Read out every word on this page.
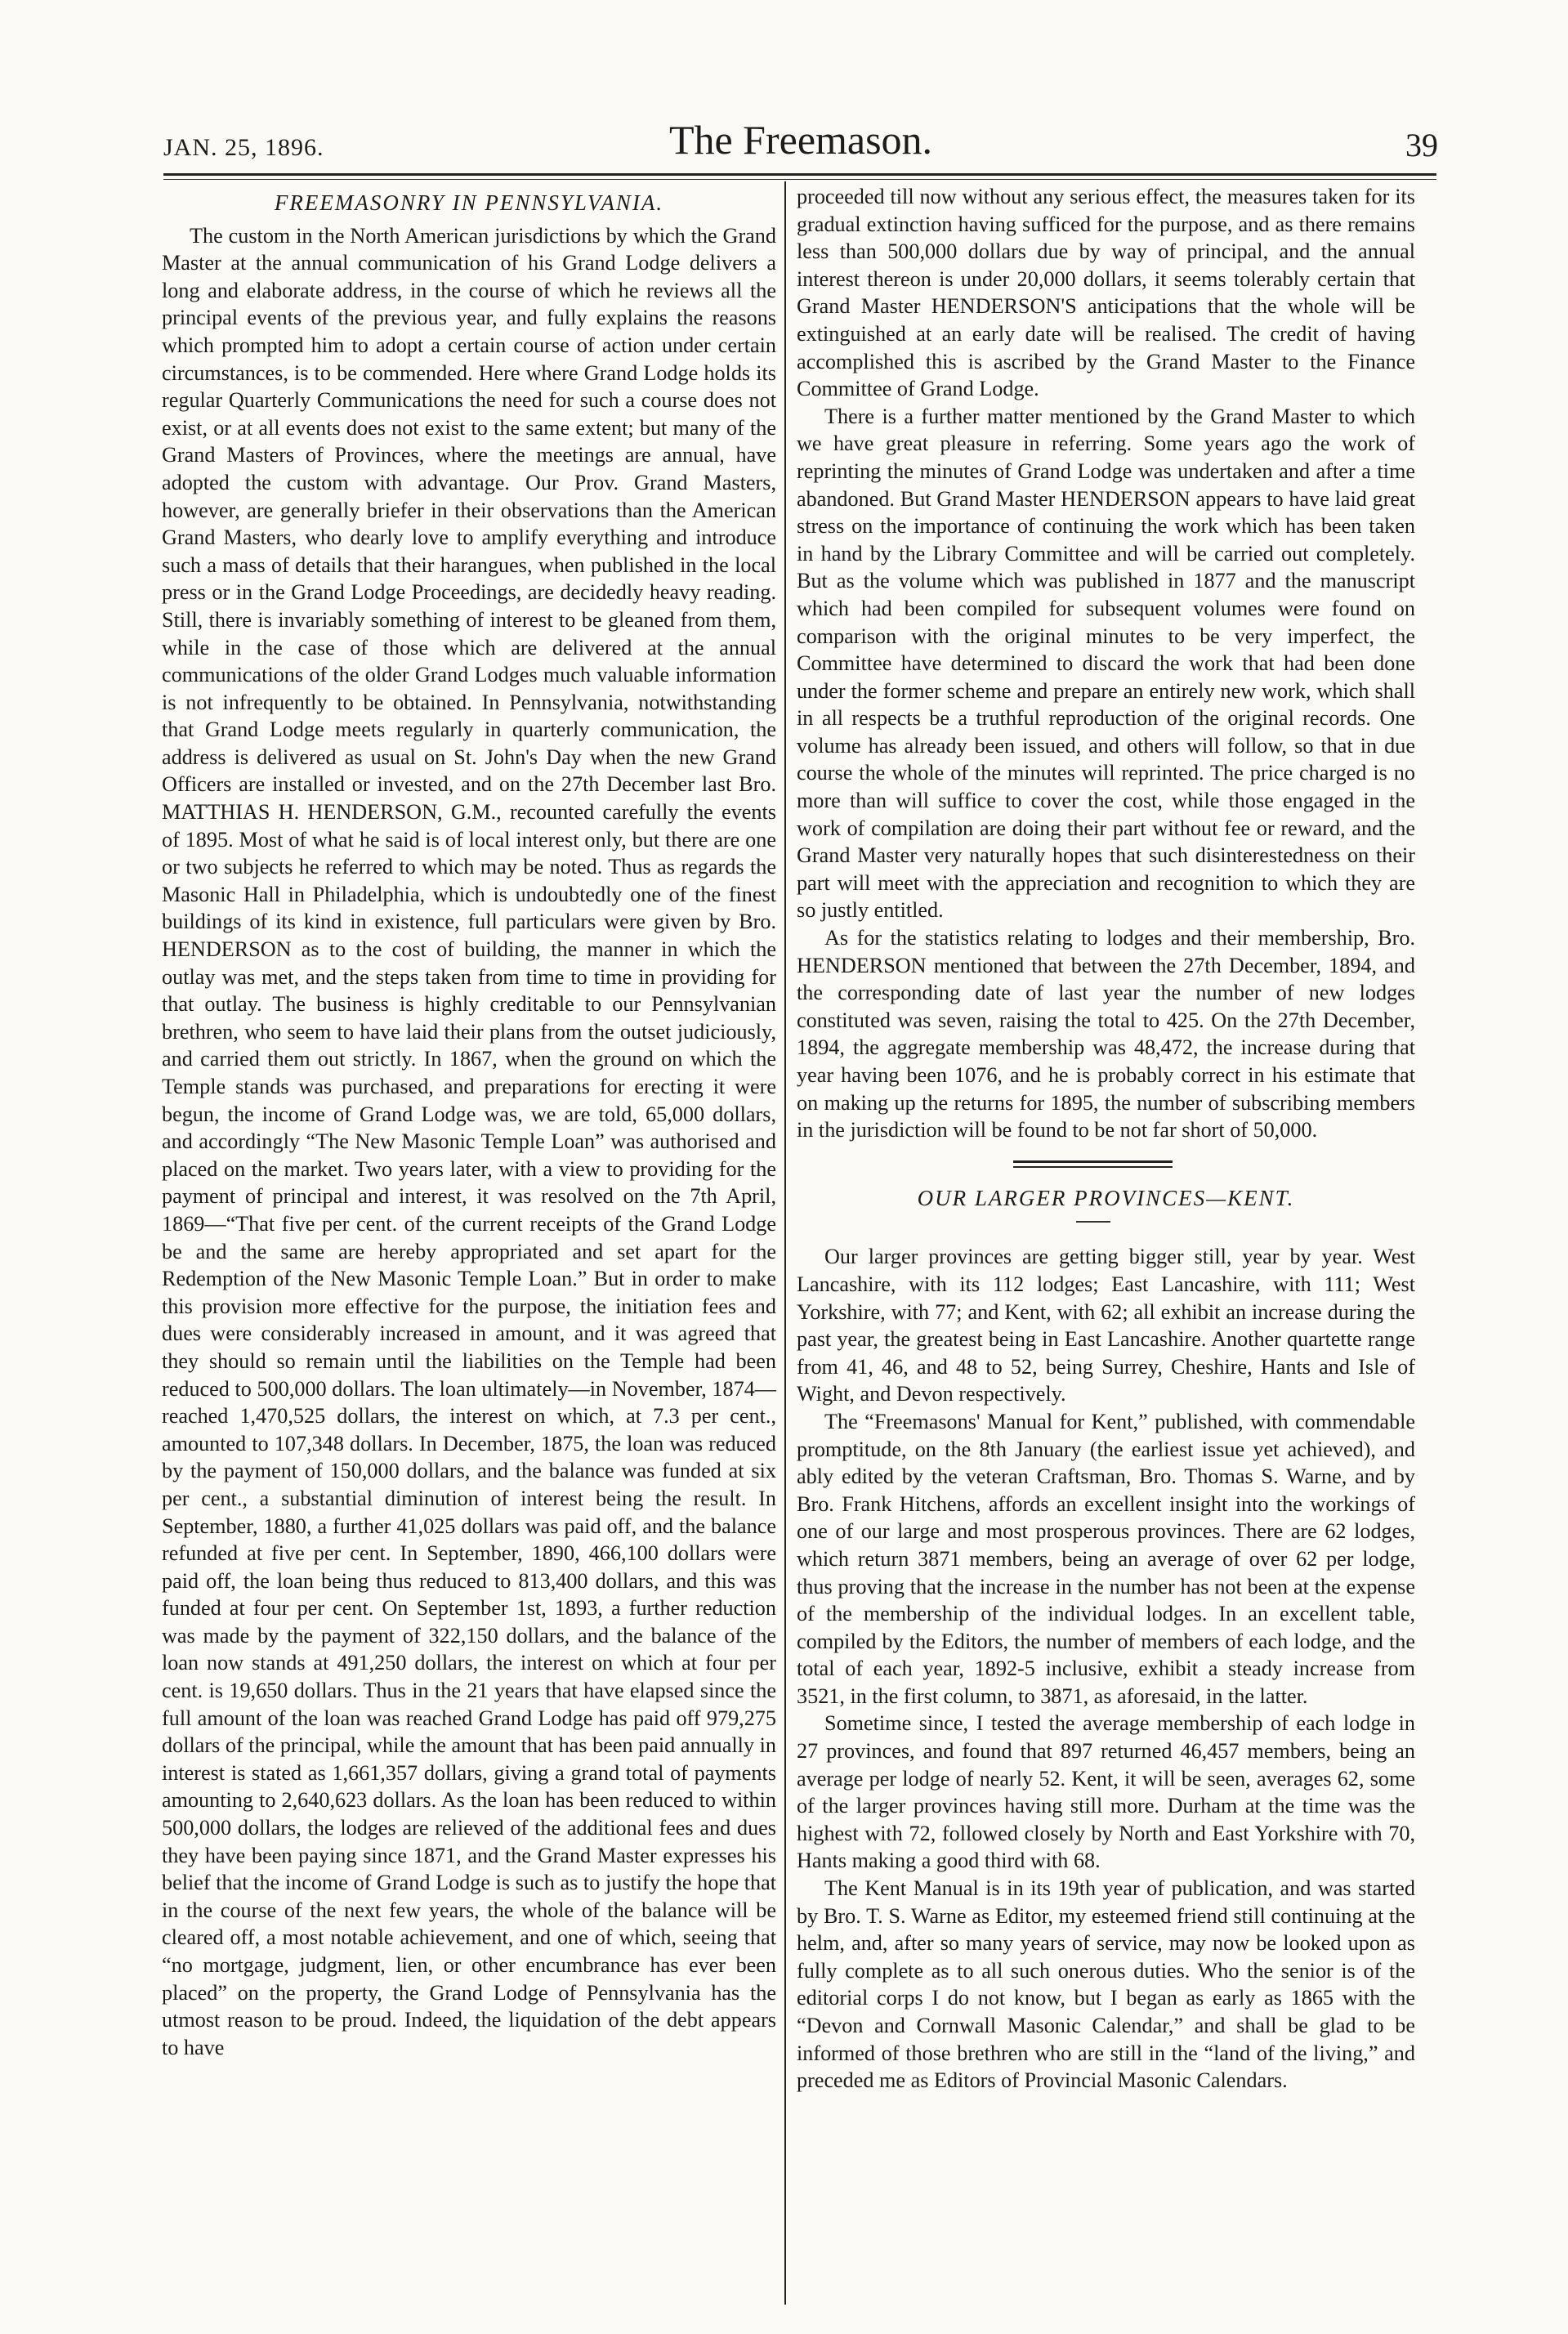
JAN. 25, 1896.	The Freemason.	39
FREEMASONRY IN PENNSYLVANIA.

The custom in the North American jurisdictions by which the Grand Master at the annual communication of his Grand Lodge delivers a long and elaborate address, in the course of which he reviews all the principal events of the previous year, and fully explains the reasons which prompted him to adopt a certain course of action under certain circumstances, is to be commended. Here where Grand Lodge holds its regular Quarterly Communications the need for such a course does not exist, or at all events does not exist to the same extent; but many of the Grand Masters of Provinces, where the meetings are annual, have adopted the custom with advantage. Our Prov. Grand Masters, however, are generally briefer in their observations than the American Grand Masters, who dearly love to amplify everything and introduce such a mass of details that their harangues, when published in the local press or in the Grand Lodge Proceedings, are decidedly heavy reading. Still, there is invariably something of interest to be gleaned from them, while in the case of those which are delivered at the annual communications of the older Grand Lodges much valuable information is not infrequently to be obtained. In Pennsylvania, notwithstanding that Grand Lodge meets regularly in quarterly communication, the address is delivered as usual on St. John's Day when the new Grand Officers are installed or invested, and on the 27th December last Bro. MATTHIAS H. HENDERSON, G.M., recounted carefully the events of 1895. Most of what he said is of local interest only, but there are one or two subjects he referred to which may be noted. Thus as regards the Masonic Hall in Philadelphia, which is undoubtedly one of the finest buildings of its kind in existence, full particulars were given by Bro. HENDERSON as to the cost of building, the manner in which the outlay was met, and the steps taken from time to time in providing for that outlay. The business is highly creditable to our Pennsylvanian brethren, who seem to have laid their plans from the outset judiciously, and carried them out strictly. In 1867, when the ground on which the Temple stands was purchased, and preparations for erecting it were begun, the income of Grand Lodge was, we are told, 65,000 dollars, and accordingly “The New Masonic Temple Loan” was authorised and placed on the market. Two years later, with a view to providing for the payment of principal and interest, it was resolved on the 7th April, 1869—“That five per cent. of the current receipts of the Grand Lodge be and the same are hereby appropriated and set apart for the Redemption of the New Masonic Temple Loan.” But in order to make this provision more effective for the purpose, the initiation fees and dues were considerably increased in amount, and it was agreed that they should so remain until the liabilities on the Temple had been reduced to 500,000 dollars. The loan ultimately—in November, 1874—reached 1,470,525 dollars, the interest on which, at 7.3 per cent., amounted to 107,348 dollars. In December, 1875, the loan was reduced by the payment of 150,000 dollars, and the balance was funded at six per cent., a substantial diminution of interest being the result. In September, 1880, a further 41,025 dollars was paid off, and the balance refunded at five per cent. In September, 1890, 466,100 dollars were paid off, the loan being thus reduced to 813,400 dollars, and this was funded at four per cent. On September 1st, 1893, a further reduction was made by the payment of 322,150 dollars, and the balance of the loan now stands at 491,250 dollars, the interest on which at four per cent. is 19,650 dollars. Thus in the 21 years that have elapsed since the full amount of the loan was reached Grand Lodge has paid off 979,275 dollars of the principal, while the amount that has been paid annually in interest is stated as 1,661,357 dollars, giving a grand total of payments amounting to 2,640,623 dollars. As the loan has been reduced to within 500,000 dollars, the lodges are relieved of the additional fees and dues they have been paying since 1871, and the Grand Master expresses his belief that the income of Grand Lodge is such as to justify the hope that in the course of the next few years, the whole of the balance will be cleared off, a most notable achievement, and one of which, seeing that “no mortgage, judgment, lien, or other encumbrance has ever been placed” on the property, the Grand Lodge of Pennsylvania has the utmost reason to be proud. Indeed, the liquidation of the debt appears to have

proceeded till now without any serious effect, the measures taken for its gradual extinction having sufficed for the purpose, and as there remains less than 500,000 dollars due by way of principal, and the annual interest thereon is under 20,000 dollars, it seems tolerably certain that Grand Master HENDERSON'S anticipations that the whole will be extinguished at an early date will be realised. The credit of having accomplished this is ascribed by the Grand Master to the Finance Committee of Grand Lodge.

There is a further matter mentioned by the Grand Master to which we have great pleasure in referring. Some years ago the work of reprinting the minutes of Grand Lodge was undertaken and after a time abandoned. But Grand Master HENDERSON appears to have laid great stress on the importance of continuing the work which has been taken in hand by the Library Committee and will be carried out completely. But as the volume which was published in 1877 and the manuscript which had been compiled for subsequent volumes were found on comparison with the original minutes to be very imperfect, the Committee have determined to discard the work that had been done under the former scheme and prepare an entirely new work, which shall in all respects be a truthful reproduction of the original records. One volume has already been issued, and others will follow, so that in due course the whole of the minutes will reprinted. The price charged is no more than will suffice to cover the cost, while those engaged in the work of compilation are doing their part without fee or reward, and the Grand Master very naturally hopes that such disinterestedness on their part will meet with the appreciation and recognition to which they are so justly entitled.

As for the statistics relating to lodges and their membership, Bro. HENDERSON mentioned that between the 27th December, 1894, and the corresponding date of last year the number of new lodges constituted was seven, raising the total to 425. On the 27th December, 1894, the aggregate membership was 48,472, the increase during that year having been 1076, and he is probably correct in his estimate that on making up the returns for 1895, the number of subscribing members in the jurisdiction will be found to be not far short of 50,000.

OUR LARGER PROVINCES—KENT.

Our larger provinces are getting bigger still, year by year. West Lancashire, with its 112 lodges; East Lancashire, with 111; West Yorkshire, with 77; and Kent, with 62; all exhibit an increase during the past year, the greatest being in East Lancashire. Another quartette range from 41, 46, and 48 to 52, being Surrey, Cheshire, Hants and Isle of Wight, and Devon respectively.

The “Freemasons' Manual for Kent,” published, with commendable promptitude, on the 8th January (the earliest issue yet achieved), and ably edited by the veteran Craftsman, Bro. Thomas S. Warne, and by Bro. Frank Hitchens, affords an excellent insight into the workings of one of our large and most prosperous provinces. There are 62 lodges, which return 3871 members, being an average of over 62 per lodge, thus proving that the increase in the number has not been at the expense of the membership of the individual lodges. In an excellent table, compiled by the Editors, the number of members of each lodge, and the total of each year, 1892-5 inclusive, exhibit a steady increase from 3521, in the first column, to 3871, as aforesaid, in the latter.

Sometime since, I tested the average membership of each lodge in 27 provinces, and found that 897 returned 46,457 members, being an average per lodge of nearly 52. Kent, it will be seen, averages 62, some of the larger provinces having still more. Durham at the time was the highest with 72, followed closely by North and East Yorkshire with 70, Hants making a good third with 68.

The Kent Manual is in its 19th year of publication, and was started by Bro. T. S. Warne as Editor, my esteemed friend still continuing at the helm, and, after so many years of service, may now be looked upon as fully complete as to all such onerous duties. Who the senior is of the editorial corps I do not know, but I began as early as 1865 with the “Devon and Cornwall Masonic Calendar,” and shall be glad to be informed of those brethren who are still in the “land of the living,” and preceded me as Editors of Provincial Masonic Calendars.
